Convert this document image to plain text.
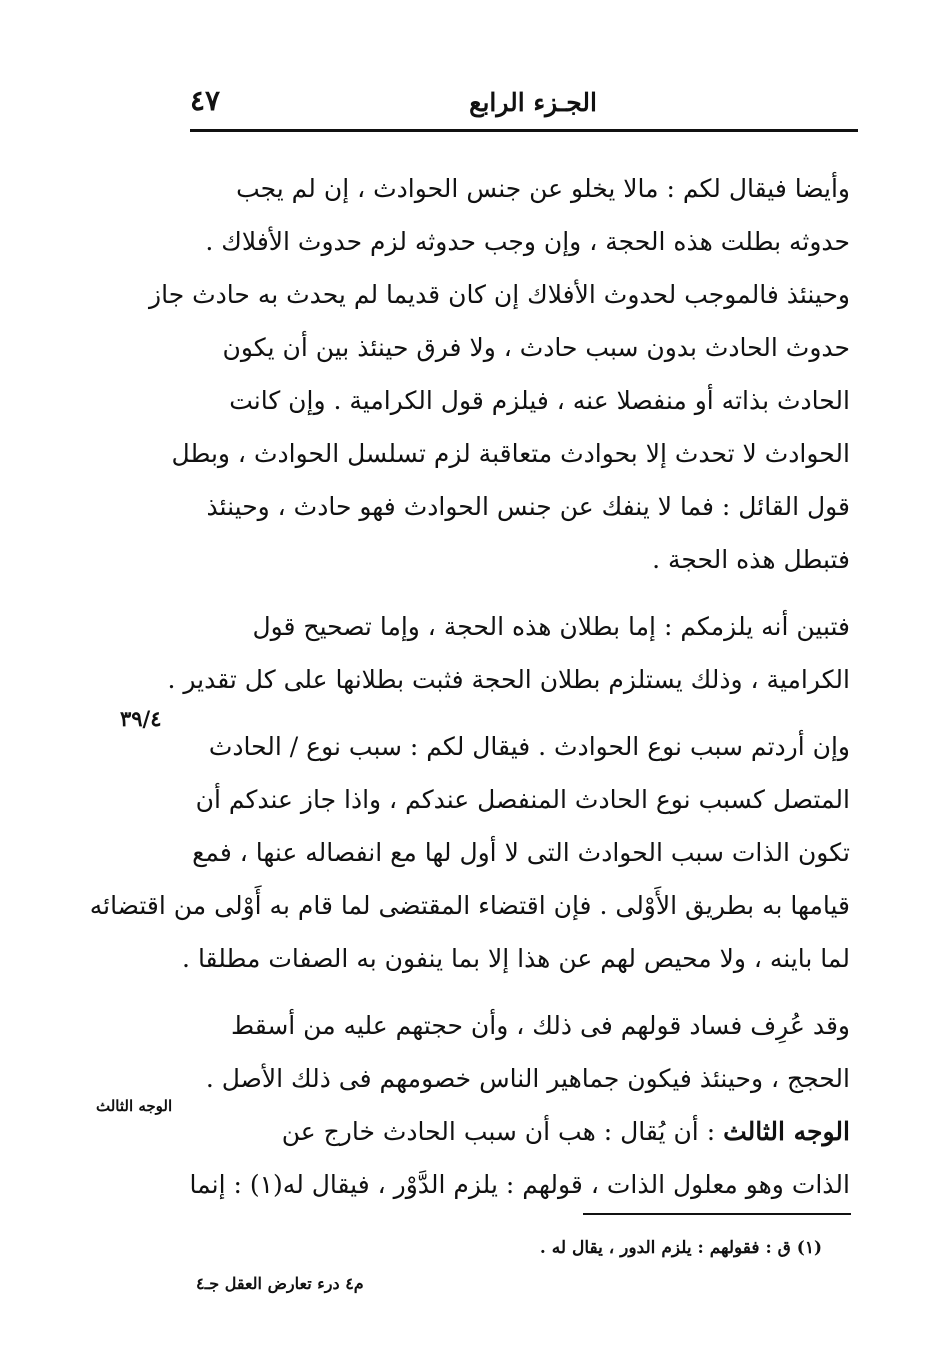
الجـزء الرابع
٤٧
٣٩/٤
الوجه الثالث
وأيضا فيقال لكم : مالا يخلو عن جنس الحوادث ، إن لم يجب
حدوثه بطلت هذه الحجة ، وإن وجب حدوثه لزم حدوث الأفلاك .
وحينئذ فالموجب لحدوث الأفلاك إن كان قديما لم يحدث به حادث جاز
حدوث الحادث بدون سبب حادث ، ولا فرق حينئذ بين أن يكون
الحادث بذاته أو منفصلا عنه ، فيلزم قول الكرامية . وإن كانت
الحوادث لا تحدث إلا بحوادث متعاقبة لزم تسلسل الحوادث ، وبطل
قول القائل : فما لا ينفك عن جنس الحوادث فهو حادث ، وحينئذ
فتبطل هذه الحجة .
فتبين أنه يلزمكم : إما بطلان هذه الحجة ، وإما تصحيح قول
الكرامية ، وذلك يستلزم بطلان الحجة فثبت بطلانها على كل تقدير .
وإن أردتم سبب نوع الحوادث . فيقال لكم : سبب نوع / الحادث
المتصل كسبب نوع الحادث المنفصل عندكم ، واذا جاز عندكم أن
تكون الذات سبب الحوادث التى لا أول لها مع انفصاله عنها ، فمع
قيامها به بطريق الأَوْلى . فإن اقتضاء المقتضى لما قام به أَوْلى من اقتضائه
لما باينه ، ولا محيص لهم عن هذا إلا بما ينفون به الصفات مطلقا .
وقد عُرِف فساد قولهم فى ذلك ، وأن حجتهم عليه من أسقط
الحجج ، وحينئذ فيكون جماهير الناس خصومهم فى ذلك الأصل .
الوجه الثالث : أن يُقال : هب أن سبب الحادث خارج عن
الذات وهو معلول الذات ، قولهم : يلزم الدَّوْر ، فيقال له(١) : إنما
(١) ق : فقولهم : يلزم الدور ، يقال له .
م٤ درء تعارض العقل جـ٤
